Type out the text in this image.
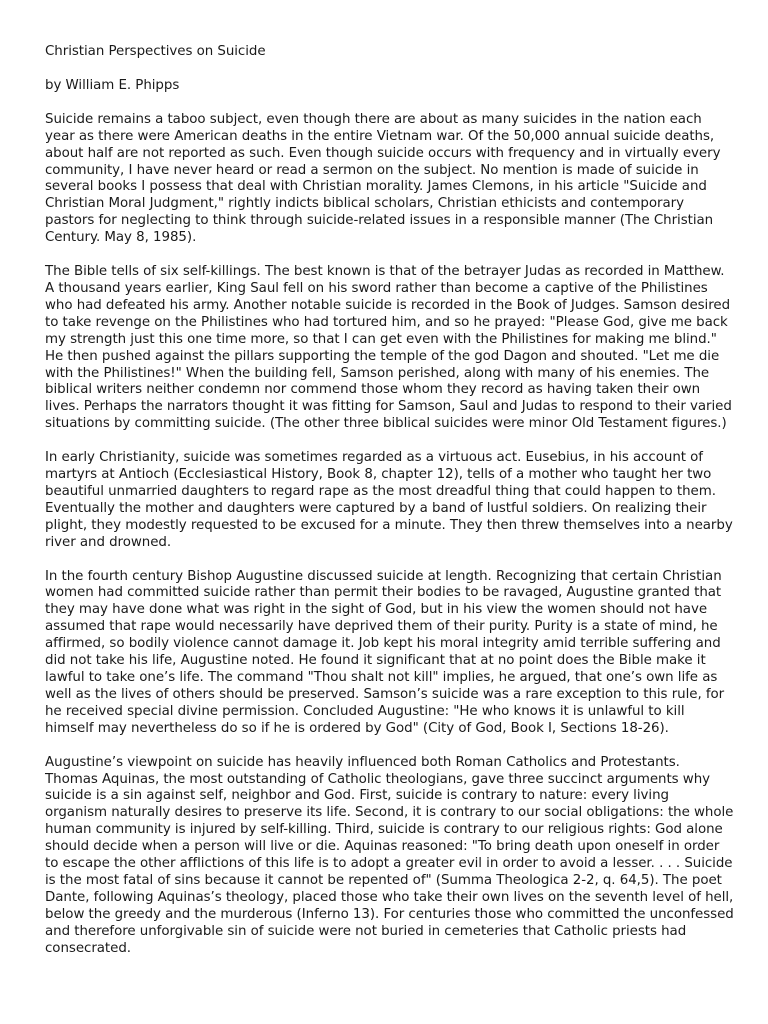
Christian Perspectives on Suicide

by William E. Phipps

Suicide remains a taboo subject, even though there are about as many suicides in the nation each year as there were American deaths in the entire Vietnam war. Of the 50,000 annual suicide deaths, about half are not reported as such. Even though suicide occurs with frequency and in virtually every community, I have never heard or read a sermon on the subject. No mention is made of suicide in several books I possess that deal with Christian morality. James Clemons, in his article "Suicide and Christian Moral Judgment," rightly indicts biblical scholars, Christian ethicists and contemporary pastors for neglecting to think through suicide-related issues in a responsible manner (The Christian Century. May 8, 1985).

The Bible tells of six self-killings. The best known is that of the betrayer Judas as recorded in Matthew. A thousand years earlier, King Saul fell on his sword rather than become a captive of the Philistines who had defeated his army. Another notable suicide is recorded in the Book of Judges. Samson desired to take revenge on the Philistines who had tortured him, and so he prayed: "Please God, give me back my strength just this one time more, so that I can get even with the Philistines for making me blind." He then pushed against the pillars supporting the temple of the god Dagon and shouted. "Let me die with the Philistines!" When the building fell, Samson perished, along with many of his enemies. The biblical writers neither condemn nor commend those whom they record as having taken their own lives. Perhaps the narrators thought it was fitting for Samson, Saul and Judas to respond to their varied situations by committing suicide. (The other three biblical suicides were minor Old Testament figures.)

In early Christianity, suicide was sometimes regarded as a virtuous act. Eusebius, in his account of martyrs at Antioch (Ecclesiastical History, Book 8, chapter 12), tells of a mother who taught her two beautiful unmarried daughters to regard rape as the most dreadful thing that could happen to them. Eventually the mother and daughters were captured by a band of lustful soldiers. On realizing their plight, they modestly requested to be excused for a minute. They then threw themselves into a nearby river and drowned.

In the fourth century Bishop Augustine discussed suicide at length. Recognizing that certain Christian women had committed suicide rather than permit their bodies to be ravaged, Augustine granted that they may have done what was right in the sight of God, but in his view the women should not have assumed that rape would necessarily have deprived them of their purity. Purity is a state of mind, he affirmed, so bodily violence cannot damage it. Job kept his moral integrity amid terrible suffering and did not take his life, Augustine noted. He found it significant that at no point does the Bible make it lawful to take one’s life. The command "Thou shalt not kill" implies, he argued, that one’s own life as well as the lives of others should be preserved. Samson’s suicide was a rare exception to this rule, for he received special divine permission. Concluded Augustine: "He who knows it is unlawful to kill himself may nevertheless do so if he is ordered by God" (City of God, Book I, Sections 18-26).

Augustine’s viewpoint on suicide has heavily influenced both Roman Catholics and Protestants. Thomas Aquinas, the most outstanding of Catholic theologians, gave three succinct arguments why suicide is a sin against self, neighbor and God. First, suicide is contrary to nature: every living organism naturally desires to preserve its life. Second, it is contrary to our social obligations: the whole human community is injured by self-killing. Third, suicide is contrary to our religious rights: God alone should decide when a person will live or die. Aquinas reasoned: "To bring death upon oneself in order to escape the other afflictions of this life is to adopt a greater evil in order to avoid a lesser. . . . Suicide is the most fatal of sins because it cannot be repented of" (Summa Theologica 2-2, q. 64,5). The poet Dante, following Aquinas’s theology, placed those who take their own lives on the seventh level of hell, below the greedy and the murderous (Inferno 13). For centuries those who committed the unconfessed and therefore unforgivable sin of suicide were not buried in cemeteries that Catholic priests had consecrated.
